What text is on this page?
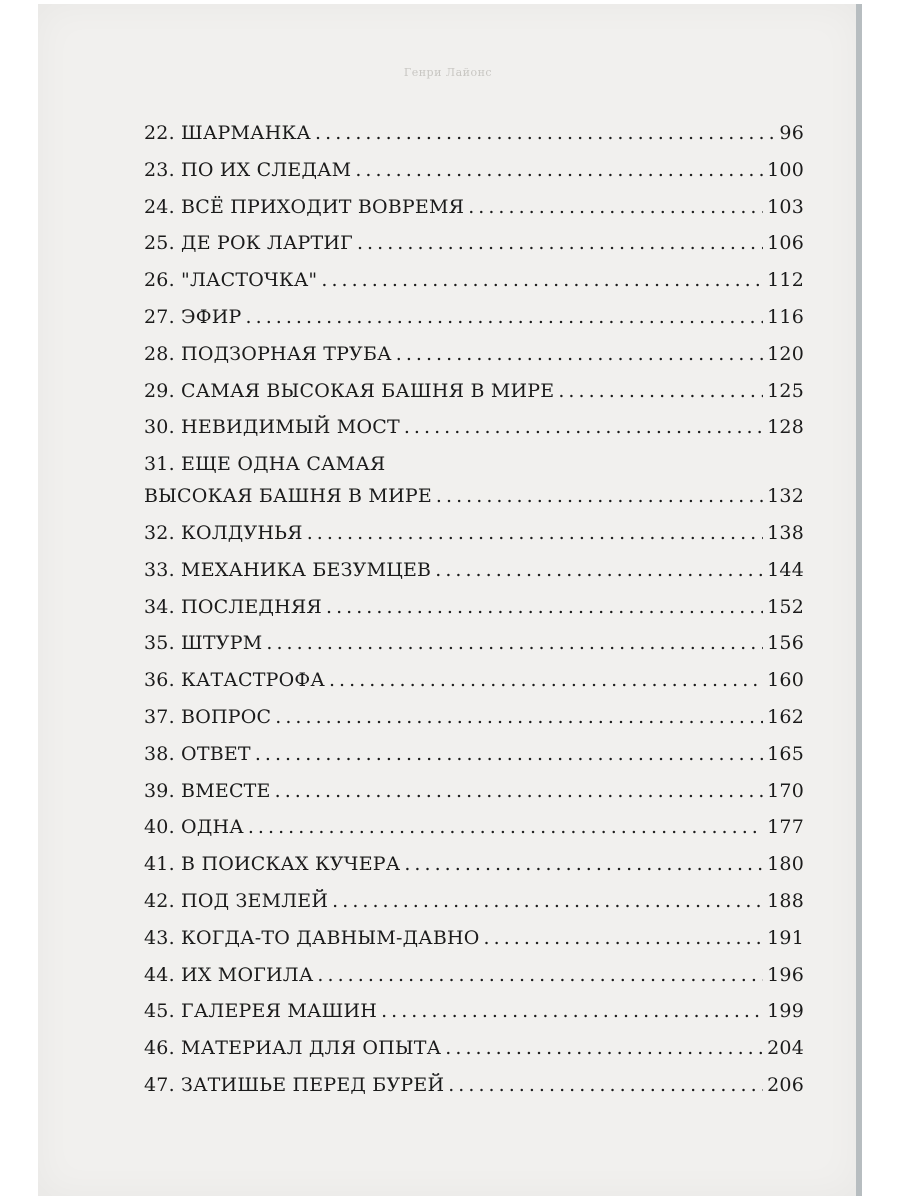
Генри Лайонс
22. ШАРМАНКА . . .	96
23. ПО ИХ СЛЕДАМ . . .	100
24. ВСЁ ПРИХОДИТ ВОВРЕМЯ . . .	103
25. ДЕ РОК ЛАРТИГ . . .	106
26. "ЛАСТОЧКА" . . .	112
27. ЭФИР . . .	116
28. ПОДЗОРНАЯ ТРУБА . . .	120
29. САМАЯ ВЫСОКАЯ БАШНЯ В МИРЕ . . .	125
30. НЕВИДИМЫЙ МОСТ . . .	128
31. ЕЩЕ ОДНА САМАЯ
ВЫСОКАЯ БАШНЯ В МИРЕ . . .	132
32. КОЛДУНЬЯ . . .	138
33. МЕХАНИКА БЕЗУМЦЕВ . . .	144
34. ПОСЛЕДНЯЯ . . .	152
35. ШТУРМ . . .	156
36. КАТАСТРОФА . . .	160
37. ВОПРОС . . .	162
38. ОТВЕТ . . .	165
39. ВМЕСТЕ . . .	170
40. ОДНА . . .	177
41. В ПОИСКАХ КУЧЕРА . . .	180
42. ПОД ЗЕМЛЕЙ . . .	188
43. КОГДА-ТО ДАВНЫМ-ДАВНО . . .	191
44. ИХ МОГИЛА . . .	196
45. ГАЛЕРЕЯ МАШИН . . .	199
46. МАТЕРИАЛ ДЛЯ ОПЫТА . . .	204
47. ЗАТИШЬЕ ПЕРЕД БУРЕЙ . . .	206
